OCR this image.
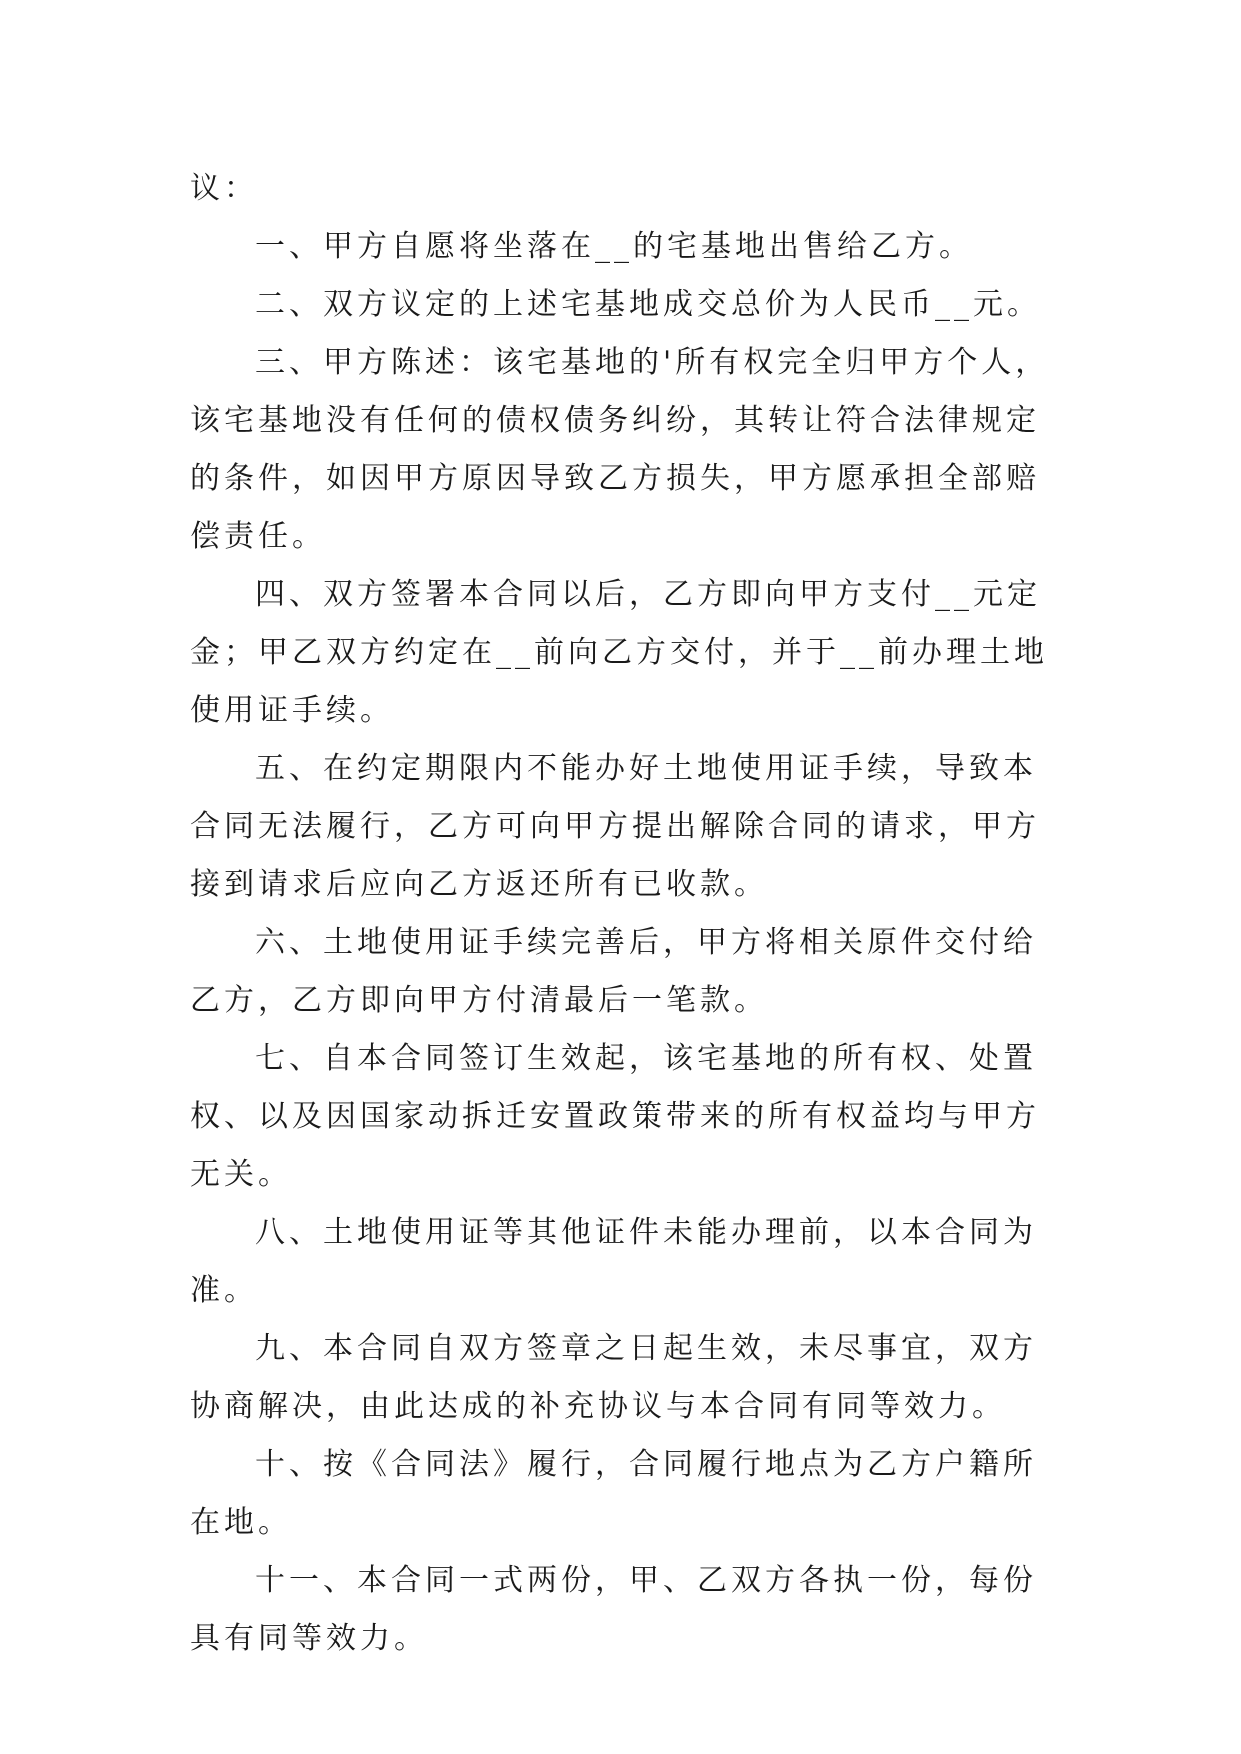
议：

一、甲方自愿将坐落在__的宅基地出售给乙方。

二、双方议定的上述宅基地成交总价为人民币__元。

三、甲方陈述：该宅基地的'所有权完全归甲方个人，该宅基地没有任何的债权债务纠纷，其转让符合法律规定的条件，如因甲方原因导致乙方损失，甲方愿承担全部赔偿责任。

四、双方签署本合同以后，乙方即向甲方支付__元定金；甲乙双方约定在__前向乙方交付，并于__前办理土地使用证手续。

五、在约定期限内不能办好土地使用证手续，导致本合同无法履行，乙方可向甲方提出解除合同的请求，甲方接到请求后应向乙方返还所有已收款。

六、土地使用证手续完善后，甲方将相关原件交付给乙方，乙方即向甲方付清最后一笔款。

七、自本合同签订生效起，该宅基地的所有权、处置权、以及因国家动拆迁安置政策带来的所有权益均与甲方无关。

八、土地使用证等其他证件未能办理前，以本合同为准。

九、本合同自双方签章之日起生效，未尽事宜，双方协商解决，由此达成的补充协议与本合同有同等效力。

十、按《合同法》履行，合同履行地点为乙方户籍所在地。

十一、本合同一式两份，甲、乙双方各执一份，每份具有同等效力。
